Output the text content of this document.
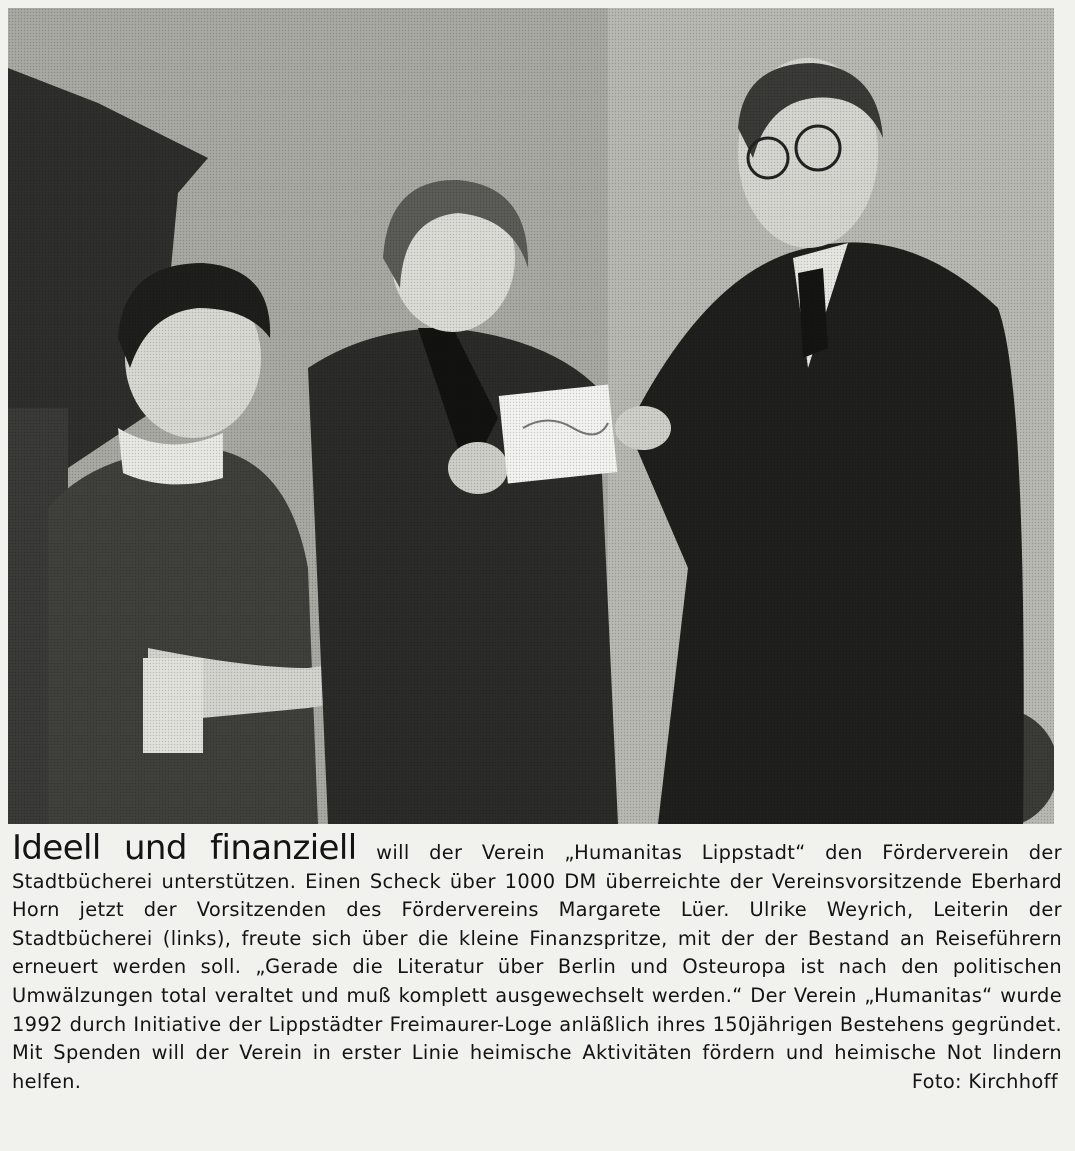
Ideell und finanziell will der Verein „Humanitas Lippstadt“ den Förderverein der Stadtbücherei unterstützen. Einen Scheck über 1000 DM überreichte der Vereinsvorsitzende Eberhard Horn jetzt der Vorsitzenden des Fördervereins Margarete Lüer. Ulrike Weyrich, Leiterin der Stadtbücherei (links), freute sich über die kleine Finanzspritze, mit der der Bestand an Reiseführern erneuert werden soll. „Gerade die Literatur über Berlin und Osteuropa ist nach den politischen Umwälzungen total veraltet und muß komplett ausgewechselt werden.“ Der Verein „Humanitas“ wurde 1992 durch Initiative der Lippstädter Freimaurer-Loge anläßlich ihres 150jährigen Bestehens gegründet. Mit Spenden will der Verein in erster Linie heimische Aktivitäten fördern und heimische Not lindern helfen.	Foto: Kirchhoff
